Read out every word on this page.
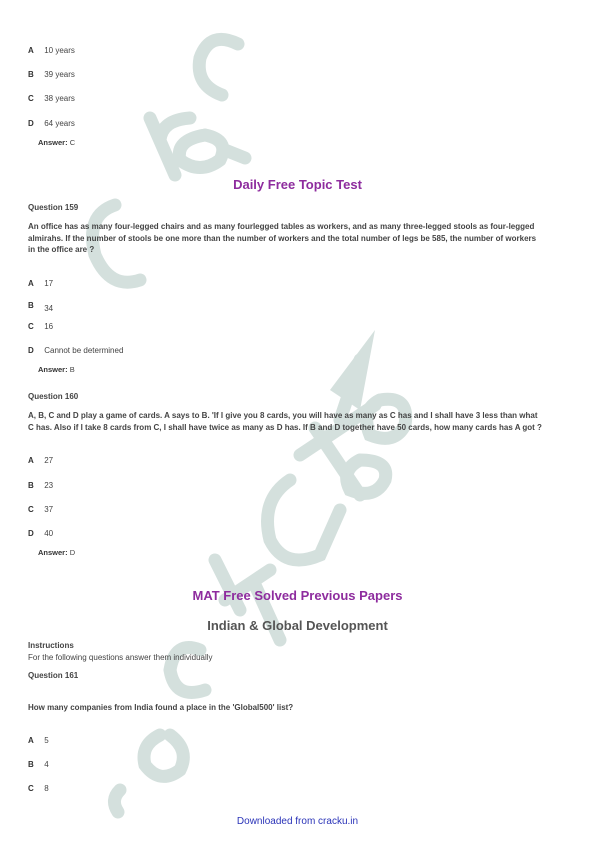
A 10 years
B 39 years
C 38 years
D 64 years
Answer: C
Daily Free Topic Test
Question 159
An office has as many four-legged chairs and as many fourlegged tables as workers, and as many three-legged stools as four-legged
almirahs. If the number of stools be one more than the number of workers and the total number of legs be 585, the number of workers
in the office are ?
A 17
B 34
C 16
D Cannot be determined
Answer: B
Question 160
A, B, C and D play a game of cards. A says to B. 'If I give you 8 cards, you will have as many as C has and I shall have 3 less than what
C has. Also if I take 8 cards from C, I shall have twice as many as D has. If B and D together have 50 cards, how many cards has A got ?
A 27
B 23
C 37
D 40
Answer: D
MAT Free Solved Previous Papers
Indian & Global Development
Instructions
For the following questions answer them individually
Question 161
How many companies from India found a place in the 'Global500' list?
A 5
B 4
C 8
Downloaded from cracku.in
